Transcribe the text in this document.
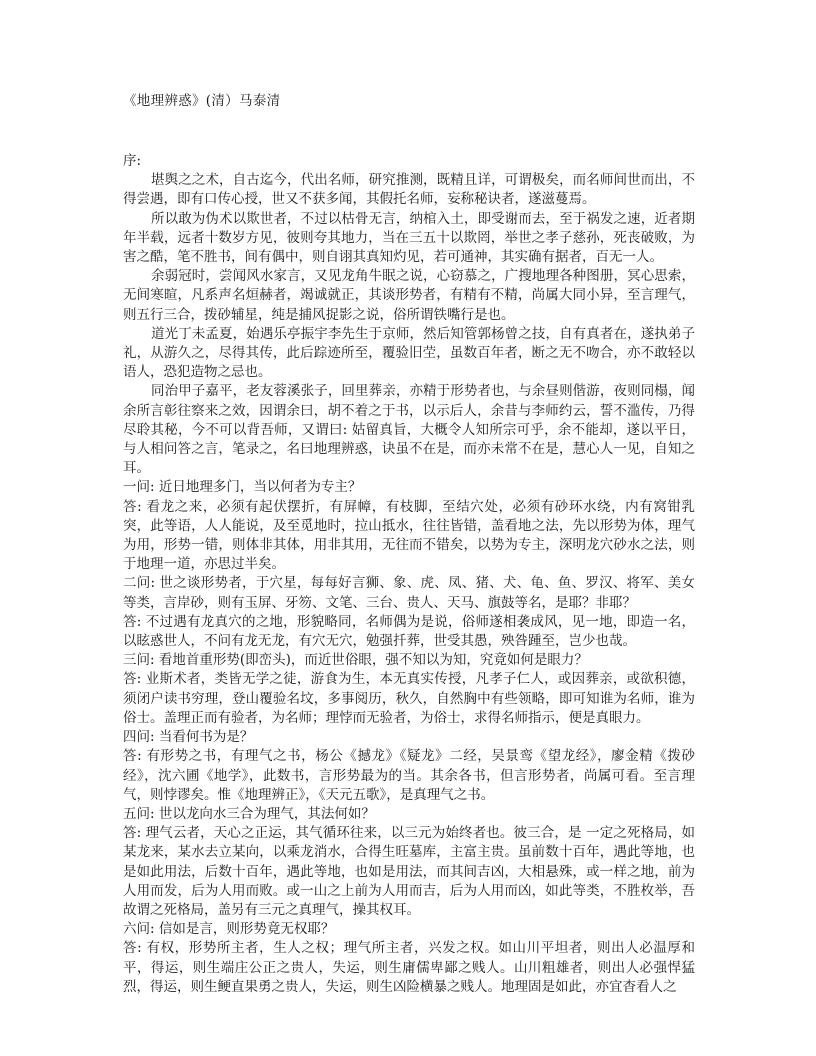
《地理辨惑》(清）马泰清
序:

堪舆之之术，自古迄今，代出名师，研究推测，既精且详，可谓极矣，而名师间世而出，不得尝遇，即有口传心授，世又不获多闻，其假托名师，妄称秘诀者，遂滋蔓焉。

所以敢为伪术以欺世者，不过以枯骨无言，纳棺入土，即受谢而去，至于祸发之速，近者期年半载，远者十数岁方见，彼则夸其地力，当在三五十以欺罔，举世之孝子慈孙，死丧破败，为害之酷，笔不胜书，间有偶中，则自诩其真知灼见，若可通神，其实确有据者，百无一人。

余弱冠时，尝闻风水家言，又见龙角牛眠之说，心窃慕之，广搜地理各种图册，冥心思索，无间寒暄，凡系声名烜赫者，竭诚就正，其谈形势者，有精有不精，尚属大同小异，至言理气，则五行三合，拨砂辅星，纯是捕风捉影之说，俗所谓铁嘴行是也。

道光丁未孟夏，始遇乐亭振宇李先生于京师，然后知管郭杨曾之技，自有真者在，遂执弟子礼，从游久之，尽得其传，此后踪迹所至，覆验旧茔，虽数百年者，断之无不吻合，亦不敢轻以语人，恐犯造物之忌也。

同治甲子嘉平，老友蓉溪张子，回里葬亲，亦精于形势者也，与余昼则偕游，夜则同榻，闻余所言彰往察来之效，因谓余曰，胡不着之于书，以示后人，余昔与李师约云，誓不滥传，乃得尽聆其秘，今不可以背吾师，又谓曰: 姑留真旨，大概令人知所宗可乎，余不能却，遂以平日，与人相问答之言，笔录之，名曰地理辨惑，诀虽不在是，而亦未常不在是，慧心人一见，自知之耳。

一问: 近日地理多门，当以何者为专主？

答: 看龙之来，必须有起伏摆折，有屏幛，有枝脚，至结穴处，必须有砂环水绕，内有窝钳乳突，此等语，人人能说，及至觅地时，拉山抵水，往往皆错，盖看地之法，先以形势为体，理气为用，形势一错，则体非其体，用非其用，无往而不错矣，以势为专主，深明龙穴砂水之法，则于地理一道，亦思过半矣。

二问: 世之谈形势者，于穴星，每每好言狮、象、虎、凤、猪、犬、龟、鱼、罗汉、将军、美女等类，言岸砂，则有玉屏、牙笏、文笔、三台、贵人、天马、旗鼓等名，是耶？非耶？

答: 不过遇有龙真穴的之地，形貌略同，名师偶为是说，俗师遂相袭成风，见一地，即造一名，以眩惑世人，不问有龙无龙，有穴无穴，勉强扦葬，世受其愚，殃咎踵至，岂少也哉。

三问: 看地首重形势(即峦头)，而近世俗眼，强不知以为知，究竟如何是眼力？

答: 业斯术者，类皆无学之徒，游食为生，本无真实传授，凡孝子仁人，或因葬亲，或欲积德，须闭户读书穷理，登山覆验名坟，多事阅历，秋久，自然胸中有些领略，即可知谁为名师，谁为俗士。盖理正而有验者，为名师；理悖而无验者，为俗士，求得名师指示，便是真眼力。

四问: 当看何书为是？

答: 有形势之书，有理气之书，杨公《撼龙》《疑龙》二经，吴景鸾《望龙经》，廖金精《拨砂经》，沈六圃《地学》，此数书，言形势最为的当。其余各书，但言形势者，尚属可看。至言理气，则悖谬矣。惟《地理辨正》，《天元五歌》，是真理气之书。

五问: 世以龙向水三合为理气，其法何如？

答: 理气云者，天心之正运，其气循环往来，以三元为始终者也。彼三合，是 一定之死格局，如某龙来，某水去立某向，以乘龙消水，合得生旺墓库，主富主贵。虽前数十百年，遇此等地，也是如此用法，后数十百年，遇此等地，也如是用法，而其间吉凶，大相悬殊，或一样之地，前为人用而发，后为人用而败。或一山之上前为人用而吉，后为人用而凶，如此等类，不胜枚举，吾故谓之死格局，盖另有三元之真理气，操其权耳。

六问: 信如是言，则形势竟无权耶？

答: 有权，形势所主者，生人之权；理气所主者，兴发之权。如山川平坦者，则出人必温厚和平，得运，则生端庄公正之贵人，失运，则生庸儒卑鄙之贱人。山川粗雄者，则出人必强悍猛烈，得运，则生鲠直果勇之贵人，失运，则生凶险横暴之贱人。地理固是如此，亦宜杳看人之
